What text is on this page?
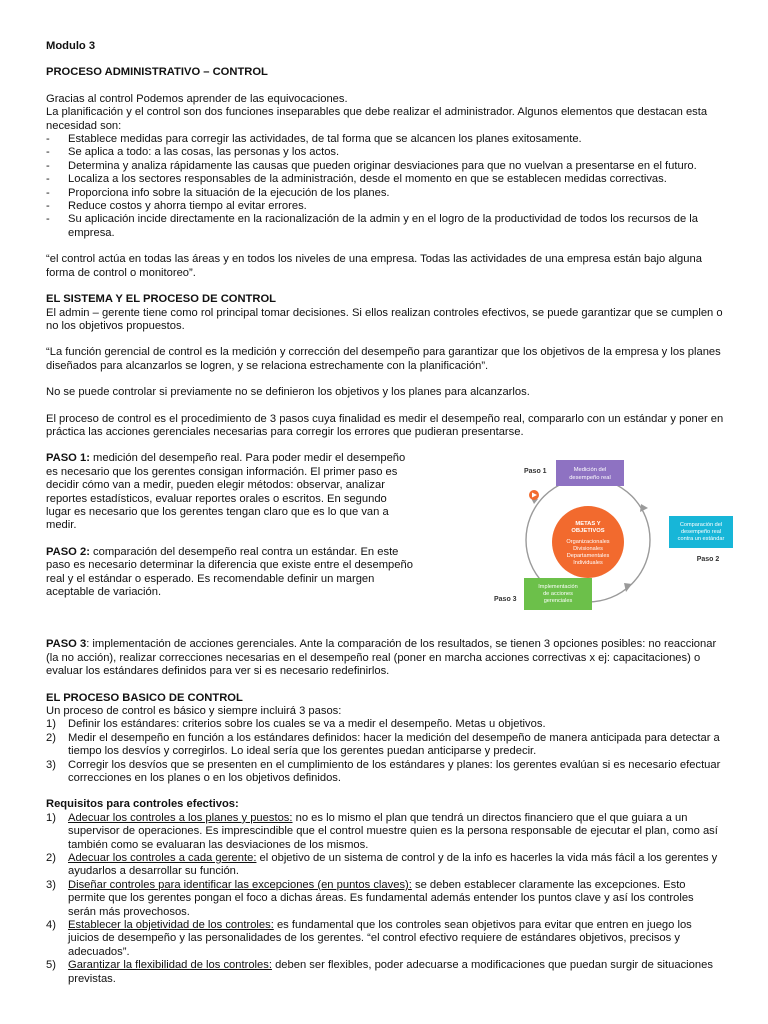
Modulo 3

PROCESO ADMINISTRATIVO – CONTROL

Gracias al control Podemos aprender de las equivocaciones.

La planificación y el control son dos funciones inseparables que debe realizar el administrador. Algunos elementos que destacan esta necesidad son:

- Establece medidas para corregir las actividades, de tal forma que se alcancen los planes exitosamente.
- Se aplica a todo: a las cosas, las personas y los actos.
- Determina y analiza rápidamente las causas que pueden originar desviaciones para que no vuelvan a presentarse en el futuro.
- Localiza a los sectores responsables de la administración, desde el momento en que se establecen medidas correctivas.
- Proporciona info sobre la situación de la ejecución de los planes.
- Reduce costos y ahorra tiempo al evitar errores.
- Su aplicación incide directamente en la racionalización de la admin y en el logro de la productividad de todos los recursos de la empresa.

“el control actúa en todas las áreas y en todos los niveles de una empresa. Todas las actividades de una empresa están bajo alguna forma de control o monitoreo”.

EL SISTEMA Y EL PROCESO DE CONTROL

El admin – gerente tiene como rol principal tomar decisiones. Si ellos realizan controles efectivos, se puede garantizar que se cumplen o no los objetivos propuestos.

“La función gerencial de control es la medición y corrección del desempeño para garantizar que los objetivos de la empresa y los planes diseñados para alcanzarlos se logren, y se relaciona estrechamente con la planificación”.

No se puede controlar si previamente no se definieron los objetivos y los planes para alcanzarlos.

El proceso de control es el procedimiento de 3 pasos cuya finalidad es medir el desempeño real, compararlo con un estándar y poner en práctica las acciones gerenciales necesarias para corregir los errores que pudieran presentarse.

PASO 1: medición del desempeño real. Para poder medir el desempeño es necesario que los gerentes consigan información. El primer paso es decidir cómo van a medir, pueden elegir métodos: observar, analizar reportes estadísticos, evaluar reportes orales o escritos. En segundo lugar es necesario que los gerentes tengan claro que es lo que van a medir.

PASO 2: comparación del desempeño real contra un estándar. En este paso es necesario determinar la diferencia que existe entre el desempeño real y el estándar o esperado. Es recomendable definir un margen aceptable de variación.

METAS Y
OBJETIVOS
Organizacionales
Divisionales
Departamentales
Individuales
Medición del
desempeño real
Paso 1
Comparación del
desempeño real
contra un estándar
Paso 2
Implementación
de acciones
gerenciales
Paso 3

PASO 3: implementación de acciones gerenciales. Ante la comparación de los resultados, se tienen 3 opciones posibles: no reaccionar (la no acción), realizar correcciones necesarias en el desempeño real (poner en marcha acciones correctivas x ej: capacitaciones) o evaluar los estándares definidos para ver si es necesario redefinirlos.

EL PROCESO BASICO DE CONTROL

Un proceso de control es básico y siempre incluirá 3 pasos:

1) Definir los estándares: criterios sobre los cuales se va a medir el desempeño. Metas u objetivos.
2) Medir el desempeño en función a los estándares definidos: hacer la medición del desempeño de manera anticipada para detectar a tiempo los desvíos y corregirlos. Lo ideal sería que los gerentes puedan anticiparse y predecir.
3) Corregir los desvíos que se presenten en el cumplimiento de los estándares y planes: los gerentes evalúan si es necesario efectuar correcciones en los planes o en los objetivos definidos.

Requisitos para controles efectivos:

1) Adecuar los controles a los planes y puestos: no es lo mismo el plan que tendrá un directos financiero que el que guiara a un supervisor de operaciones. Es imprescindible que el control muestre quien es la persona responsable de ejecutar el plan, como así también como se evaluaran las desviaciones de los mismos.
2) Adecuar los controles a cada gerente: el objetivo de un sistema de control y de la info es hacerles la vida más fácil a los gerentes y ayudarlos a desarrollar su función.
3) Diseñar controles para identificar las excepciones (en puntos claves): se deben establecer claramente las excepciones. Esto permite que los gerentes pongan el foco a dichas áreas. Es fundamental además entender los puntos clave y así los controles serán más provechosos.
4) Establecer la objetividad de los controles: es fundamental que los controles sean objetivos para evitar que entren en juego los juicios de desempeño y las personalidades de los gerentes. “el control efectivo requiere de estándares objetivos, precisos y adecuados”.
5) Garantizar la flexibilidad de los controles: deben ser flexibles, poder adecuarse a modificaciones que puedan surgir de situaciones previstas.
